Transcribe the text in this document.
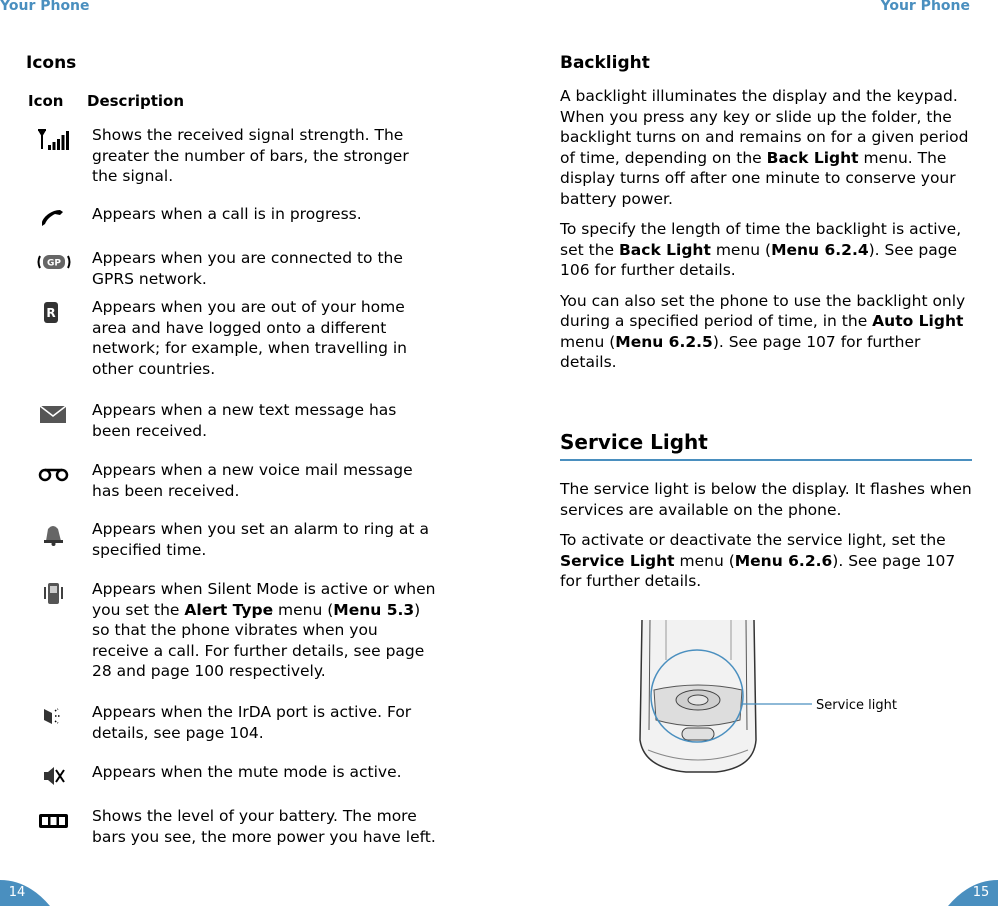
Your Phone	Your Phone
Icons
Icon Description
Shows the received signal strength. The greater the number of bars, the stronger the signal.
Appears when a call is in progress.
GP Appears when you are connected to the GPRS network.
R Appears when you are out of your home area and have logged onto a different network; for example, when travelling in other countries.
Appears when a new text message has been received.
Appears when a new voice mail message has been received.
Appears when you set an alarm to ring at a specified time.
Appears when Silent Mode is active or when you set the Alert Type menu (Menu 5.3) so that the phone vibrates when you receive a call. For further details, see page 28 and page 100 respectively.
Appears when the IrDA port is active. For details, see page 104.
Appears when the mute mode is active.
Shows the level of your battery. The more bars you see, the more power you have left.
Backlight

A backlight illuminates the display and the keypad. When you press any key or slide up the folder, the backlight turns on and remains on for a given period of time, depending on the Back Light menu. The display turns off after one minute to conserve your battery power.

To specify the length of time the backlight is active, set the Back Light menu (Menu 6.2.4). See page 106 for further details.

You can also set the phone to use the backlight only during a specified period of time, in the Auto Light menu (Menu 6.2.5). See page 107 for further details.

Service Light

The service light is below the display. It flashes when services are available on the phone.

To activate or deactivate the service light, set the Service Light menu (Menu 6.2.6). See page 107 for further details.

Service light
14	15
